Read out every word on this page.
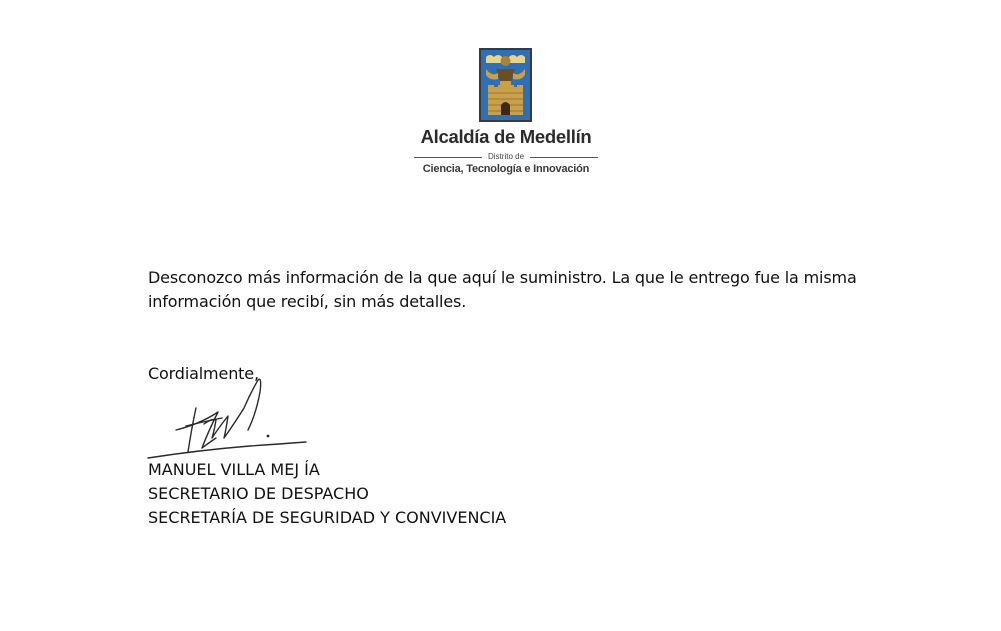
Alcaldía de Medellín
Distrito de
Ciencia, Tecnología e Innovación

Desconozco más información de la que aquí le suministro. La que le entrego fue la misma información que recibí, sin más detalles.

Cordialmente,
MANUEL VILLA MEJ ÍA
SECRETARIO DE DESPACHO
SECRETARÍA DE SEGURIDAD Y CONVIVENCIA
